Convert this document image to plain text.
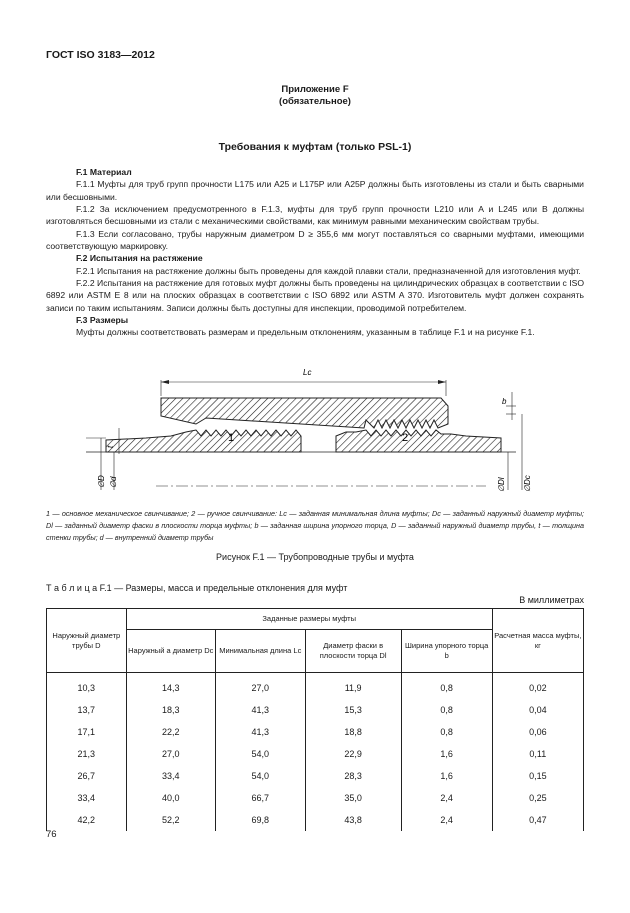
ГОСТ ISO 3183—2012
Приложение F
(обязательное)
Требования к муфтам (только PSL-1)

F.1 Материал

F.1.1 Муфты для труб групп прочности L175 или A25 и L175P или A25P должны быть изготовлены из стали и быть сварными или бесшовными.

F.1.2 За исключением предусмотренного в F.1.3, муфты для труб групп прочности L210 или A и L245 или B должны изготовляться бесшовными из стали с механическими свойствами, как минимум равными механическим свойствам трубы.

F.1.3 Если согласовано, трубы наружным диаметром D ≥ 355,6 мм могут поставляться со сварными муфтами, имеющими соответствующую маркировку.

F.2 Испытания на растяжение

F.2.1 Испытания на растяжение должны быть проведены для каждой плавки стали, предназначенной для изготовления муфт.

F.2.2 Испытания на растяжение для готовых муфт должны быть проведены на цилиндрических образцах в соответствии с ISO 6892 или ASTM E 8 или на плоских образцах в соответствии с ISO 6892 или ASTM A 370. Изготовитель муфт должен сохранять записи по таким испытаниям. Записи должны быть доступны для инспекции, проводимой потребителем.

F.3 Размеры

Муфты должны соответствовать размерам и предельным отклонениям, указанным в таблице F.1 и на рисунке F.1.

Lc
b
t
∅D ∅d	∅Dl ∅Dc
1	2
1 — основное механическое свинчивание; 2 — ручное свинчивание: Lc — заданная минимальная длина муфты; Dc — заданный наружный диаметр муфты; Dl — заданный диаметр фаски в плоскости торца муфты; b — заданная ширина упорного торца, D — заданный наружный диаметр трубы, t — толщина стенки трубы; d — внутренний диаметр трубы
Рисунок F.1 — Трубопроводные трубы и муфта
Т а б л и ц а F.1 — Размеры, масса и предельные отклонения для муфт
В миллиметрах
Наружный диаметр трубы D	Заданные размеры муфты				Расчетная масса муфты, кг
	Наружный a диаметр Dc	Минимальная длина Lc	Диаметр фаски в плоскости торца Dl	Ширина упорного торца b	
10,3	14,3	27,0	11,9	0,8	0,02
13,7	18,3	41,3	15,3	0,8	0,04
17,1	22,2	41,3	18,8	0,8	0,06
21,3	27,0	54,0	22,9	1,6	0,11
26,7	33,4	54,0	28,3	1,6	0,15
33,4	40,0	66,7	35,0	2,4	0,25
42,2	52,2	69,8	43,8	2,4	0,47
76
